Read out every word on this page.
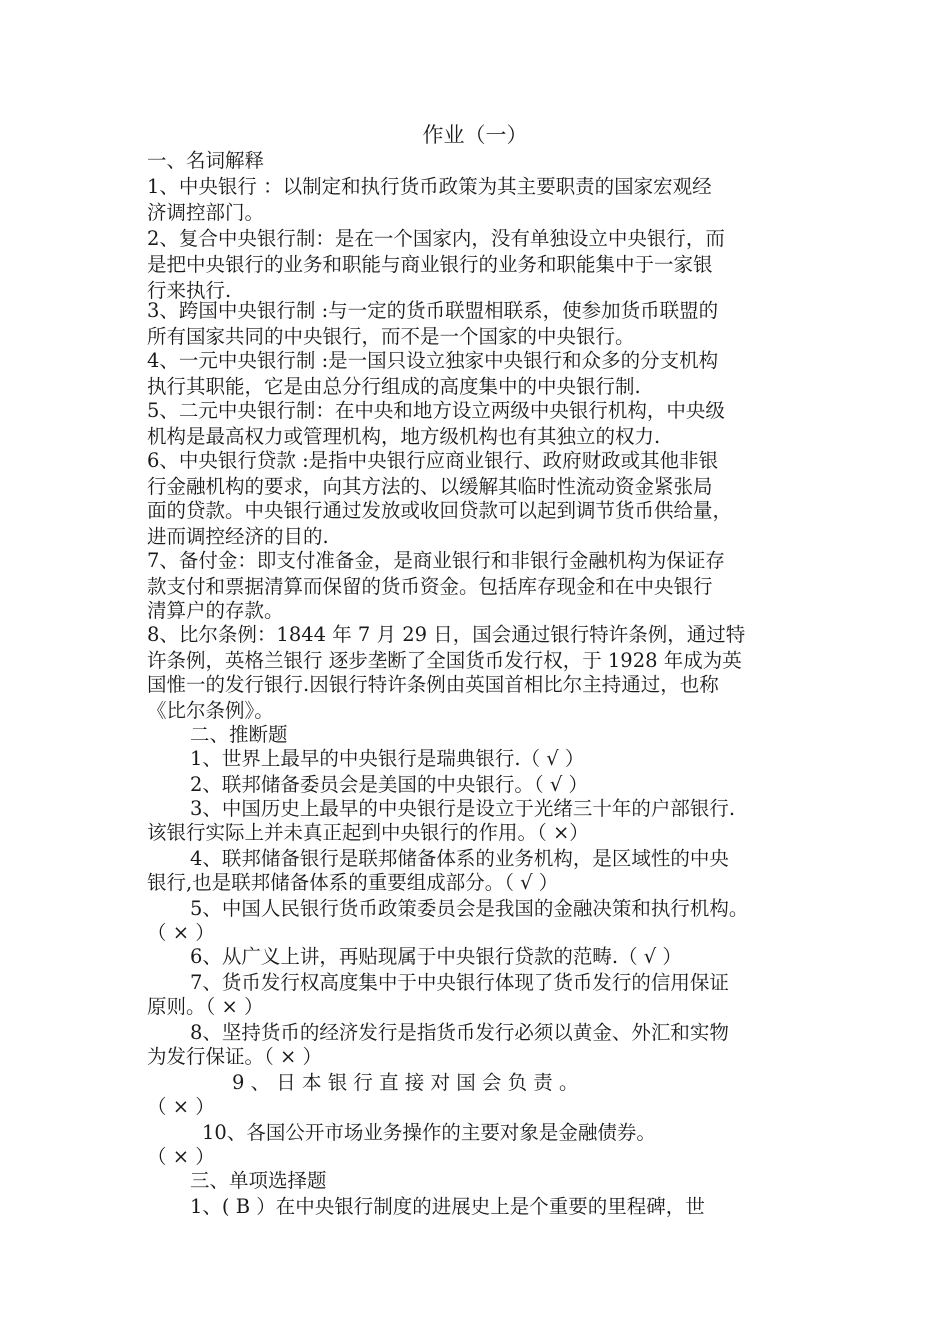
作业（一）
一、名词解释
1、中央银行 ：以制定和执行货币政策为其主要职责的国家宏观经
济调控部门。
2、复合中央银行制：是在一个国家内，没有单独设立中央银行，而
是把中央银行的业务和职能与商业银行的业务和职能集中于一家银
行来执行.
3、跨国中央银行制 :与一定的货币联盟相联系，使参加货币联盟的
所有国家共同的中央银行，而不是一个国家的中央银行。
4、一元中央银行制 :是一国只设立独家中央银行和众多的分支机构
执行其职能，它是由总分行组成的高度集中的中央银行制.
5、二元中央银行制：在中央和地方设立两级中央银行机构，中央级
机构是最高权力或管理机构，地方级机构也有其独立的权力.
6、中央银行贷款 :是指中央银行应商业银行、政府财政或其他非银
行金融机构的要求，向其方法的、以缓解其临时性流动资金紧张局
面的贷款。中央银行通过发放或收回贷款可以起到调节货币供给量，
进而调控经济的目的.
7、备付金：即支付准备金，是商业银行和非银行金融机构为保证存
款支付和票据清算而保留的货币资金。包括库存现金和在中央银行
清算户的存款。
8、比尔条例：1844 年 7 月 29 日，国会通过银行特许条例，通过特
许条例，英格兰银行 逐步垄断了全国货币发行权，于 1928 年成为英
国惟一的发行银行.因银行特许条例由英国首相比尔主持通过，也称
《比尔条例》。
二、推断题
1、世界上最早的中央银行是瑞典银行.（ √ ）
2、联邦储备委员会是美国的中央银行。（ √ ）
3、中国历史上最早的中央银行是设立于光绪三十年的户部银行.
该银行实际上并未真正起到中央银行的作用。（ ×）
4、联邦储备银行是联邦储备体系的业务机构，是区域性的中央
银行,也是联邦储备体系的重要组成部分。（ √ ）
5、中国人民银行货币政策委员会是我国的金融决策和执行机构。
（ × ）
6、从广义上讲，再贴现属于中央银行贷款的范畴.（ √ ）
7、货币发行权高度集中于中央银行体现了货币发行的信用保证
原则。（ × ）
8、坚持货币的经济发行是指货币发行必须以黄金、外汇和实物
为发行保证。（ × ）
9 、 日 本 银 行 直 接 对 国 会 负 责 。
（ × ）
10、各国公开市场业务操作的主要对象是金融债券。
（ × ）
三、单项选择题
1、( B ）在中央银行制度的进展史上是个重要的里程碑，世
